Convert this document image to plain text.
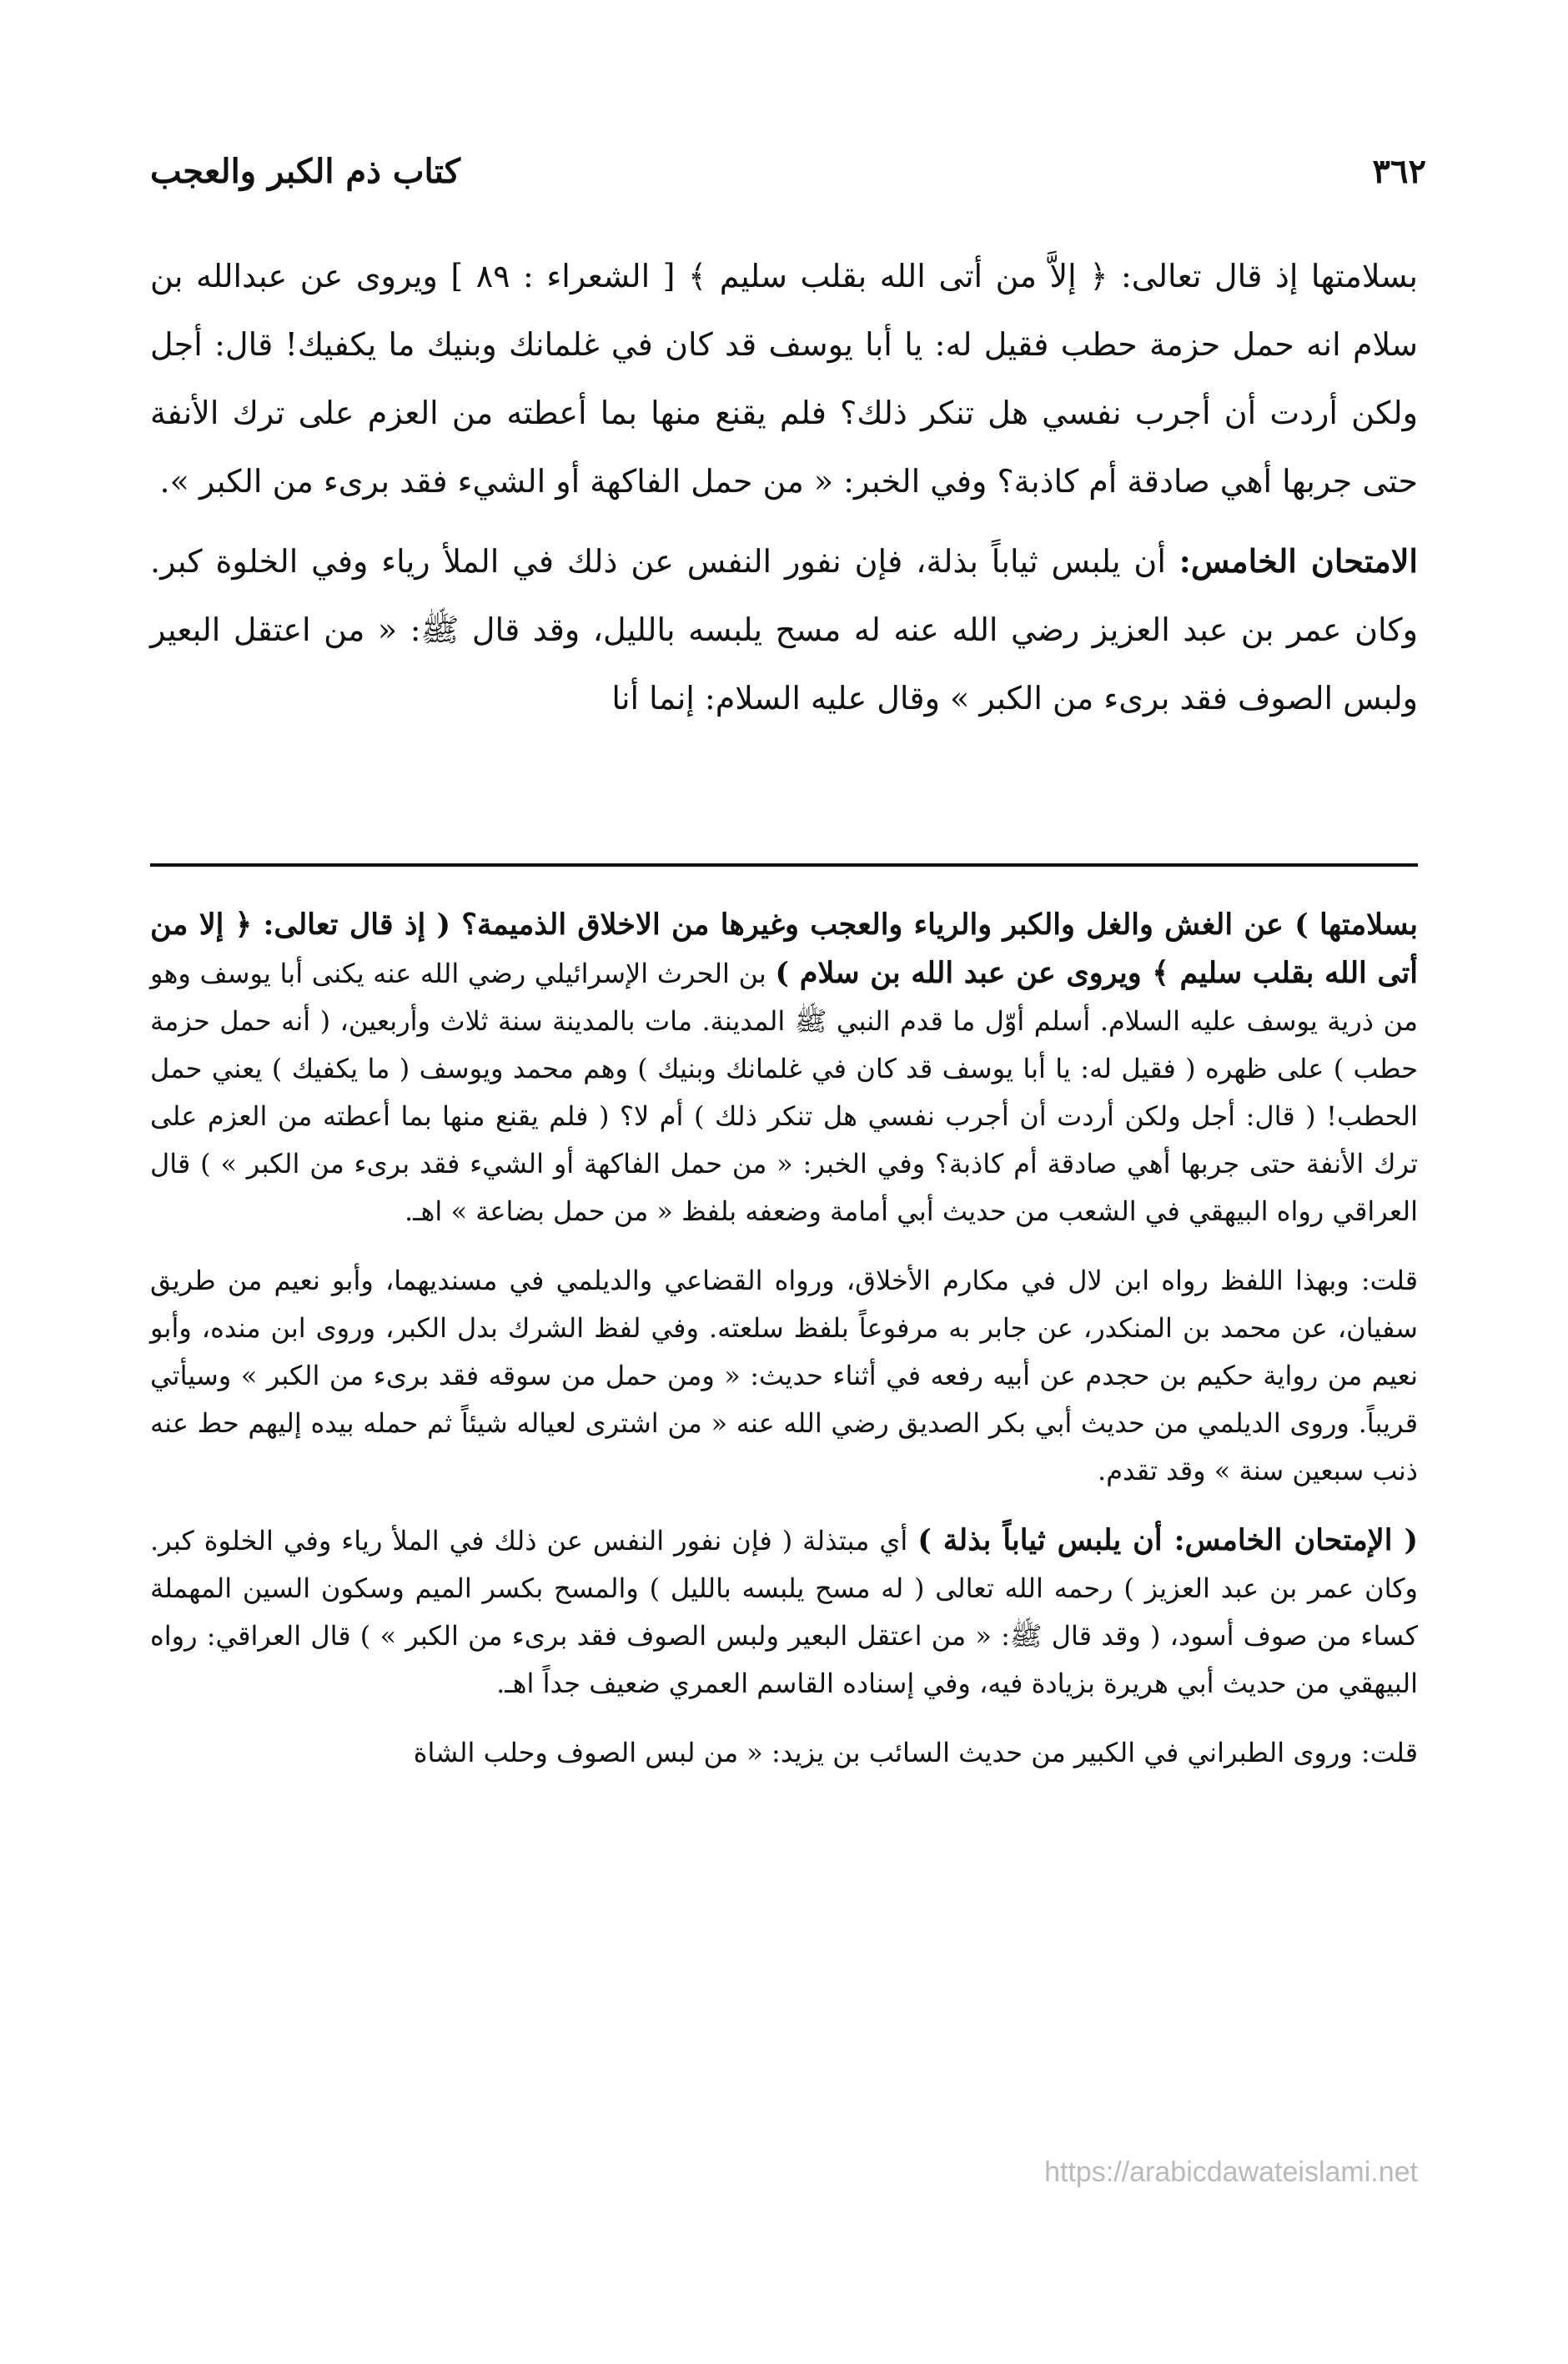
٣٦٢
كتاب ذم الكبر والعجب

بسلامتها إذ قال تعالى: ﴿ إلاَّ من أتى الله بقلب سليم ﴾ [ الشعراء : ٨٩ ] ويروى عن عبدالله بن سلام انه حمل حزمة حطب فقيل له: يا أبا يوسف قد كان في غلمانك وبنيك ما يكفيك! قال: أجل ولكن أردت أن أجرب نفسي هل تنكر ذلك؟ فلم يقنع منها بما أعطته من العزم على ترك الأنفة حتى جربها أهي صادقة أم كاذبة؟ وفي الخبر: « من حمل الفاكهة أو الشيء فقد برىء من الكبر ».

الامتحان الخامس: أن يلبس ثياباً بذلة، فإن نفور النفس عن ذلك في الملأ رياء وفي الخلوة كبر. وكان عمر بن عبد العزيز رضي الله عنه له مسح يلبسه بالليل، وقد قال ﷺ: « من اعتقل البعير ولبس الصوف فقد برىء من الكبر » وقال عليه السلام: إنما أنا

بسلامتها ) عن الغش والغل والكبر والرياء والعجب وغيرها من الاخلاق الذميمة؟ ( إذ قال تعالى: ﴿ إلا من أتى الله بقلب سليم ﴾ ويروى عن عبد الله بن سلام ) بن الحرث الإسرائيلي رضي الله عنه يكنى أبا يوسف وهو من ذرية يوسف عليه السلام. أسلم أوّل ما قدم النبي ﷺ المدينة. مات بالمدينة سنة ثلاث وأربعين، ( أنه حمل حزمة حطب ) على ظهره ( فقيل له: يا أبا يوسف قد كان في غلمانك وبنيك ) وهم محمد ويوسف ( ما يكفيك ) يعني حمل الحطب! ( قال: أجل ولكن أردت أن أجرب نفسي هل تنكر ذلك ) أم لا؟ ( فلم يقنع منها بما أعطته من العزم على ترك الأنفة حتى جربها أهي صادقة أم كاذبة؟ وفي الخبر: « من حمل الفاكهة أو الشيء فقد برىء من الكبر » ) قال العراقي رواه البيهقي في الشعب من حديث أبي أمامة وضعفه بلفظ « من حمل بضاعة » اهـ.

قلت: وبهذا اللفظ رواه ابن لال في مكارم الأخلاق، ورواه القضاعي والديلمي في مسنديهما، وأبو نعيم من طريق سفيان، عن محمد بن المنكدر، عن جابر به مرفوعاً بلفظ سلعته. وفي لفظ الشرك بدل الكبر، وروى ابن منده، وأبو نعيم من رواية حكيم بن حجدم عن أبيه رفعه في أثناء حديث: « ومن حمل من سوقه فقد برىء من الكبر » وسيأتي قريباً. وروى الديلمي من حديث أبي بكر الصديق رضي الله عنه « من اشترى لعياله شيئاً ثم حمله بيده إليهم حط عنه ذنب سبعين سنة » وقد تقدم.

( الإمتحان الخامس: أن يلبس ثياباً بذلة ) أي مبتذلة ( فإن نفور النفس عن ذلك في الملأ رياء وفي الخلوة كبر. وكان عمر بن عبد العزيز ) رحمه الله تعالى ( له مسح يلبسه بالليل ) والمسح بكسر الميم وسكون السين المهملة كساء من صوف أسود، ( وقد قال ﷺ: « من اعتقل البعير ولبس الصوف فقد برىء من الكبر » ) قال العراقي: رواه البيهقي من حديث أبي هريرة بزيادة فيه، وفي إسناده القاسم العمري ضعيف جداً اهـ.

قلت: وروى الطبراني في الكبير من حديث السائب بن يزيد: « من لبس الصوف وحلب الشاة

https://arabicdawateislami.net
